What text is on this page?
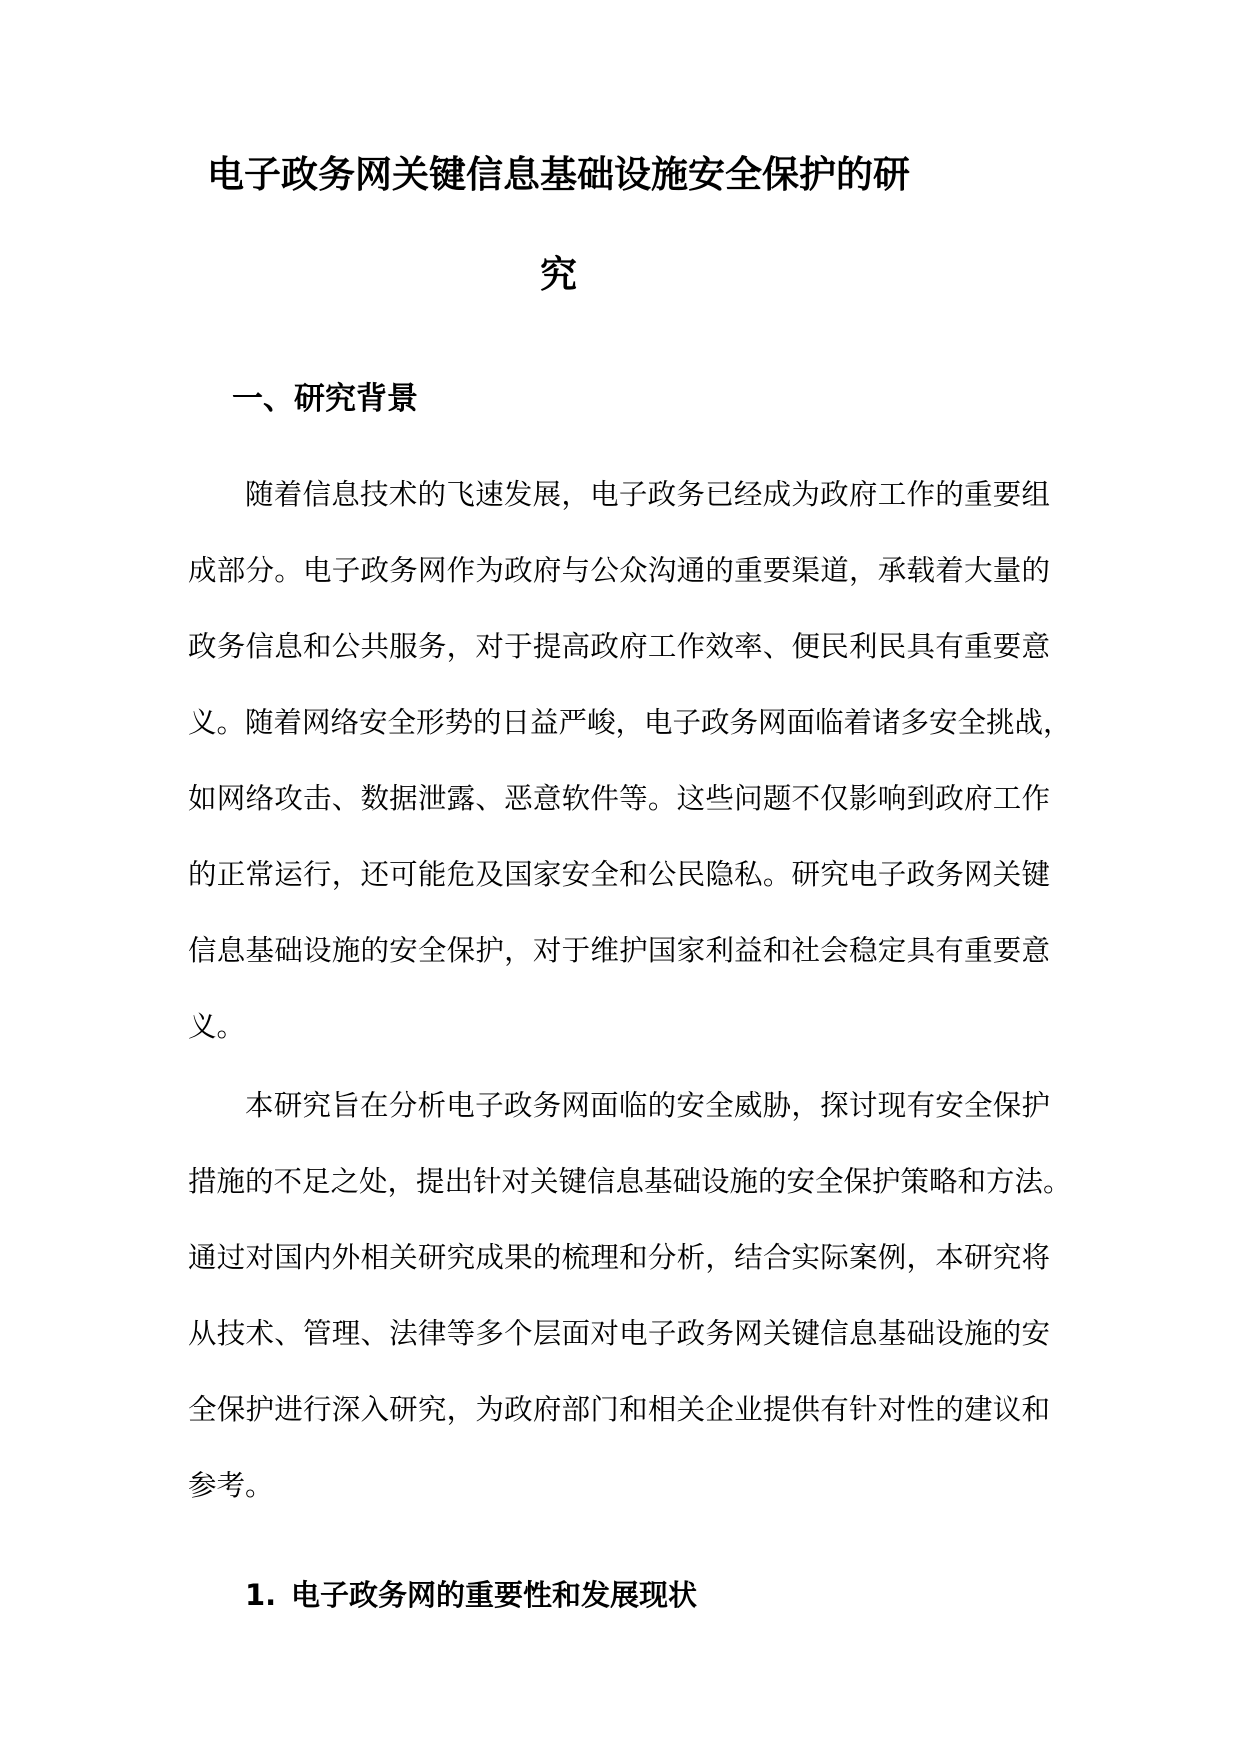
电子政务网关键信息基础设施安全保护的研
究
一、研究背景
随着信息技术的飞速发展，电子政务已经成为政府工作的重要组
成部分。电子政务网作为政府与公众沟通的重要渠道，承载着大量的
政务信息和公共服务，对于提高政府工作效率、便民利民具有重要意
义。随着网络安全形势的日益严峻，电子政务网面临着诸多安全挑战，
如网络攻击、数据泄露、恶意软件等。这些问题不仅影响到政府工作
的正常运行，还可能危及国家安全和公民隐私。研究电子政务网关键
信息基础设施的安全保护，对于维护国家利益和社会稳定具有重要意
义。
本研究旨在分析电子政务网面临的安全威胁，探讨现有安全保护
措施的不足之处，提出针对关键信息基础设施的安全保护策略和方法。
通过对国内外相关研究成果的梳理和分析，结合实际案例，本研究将
从技术、管理、法律等多个层面对电子政务网关键信息基础设施的安
全保护进行深入研究，为政府部门和相关企业提供有针对性的建议和
参考。
1. 电子政务网的重要性和发展现状
